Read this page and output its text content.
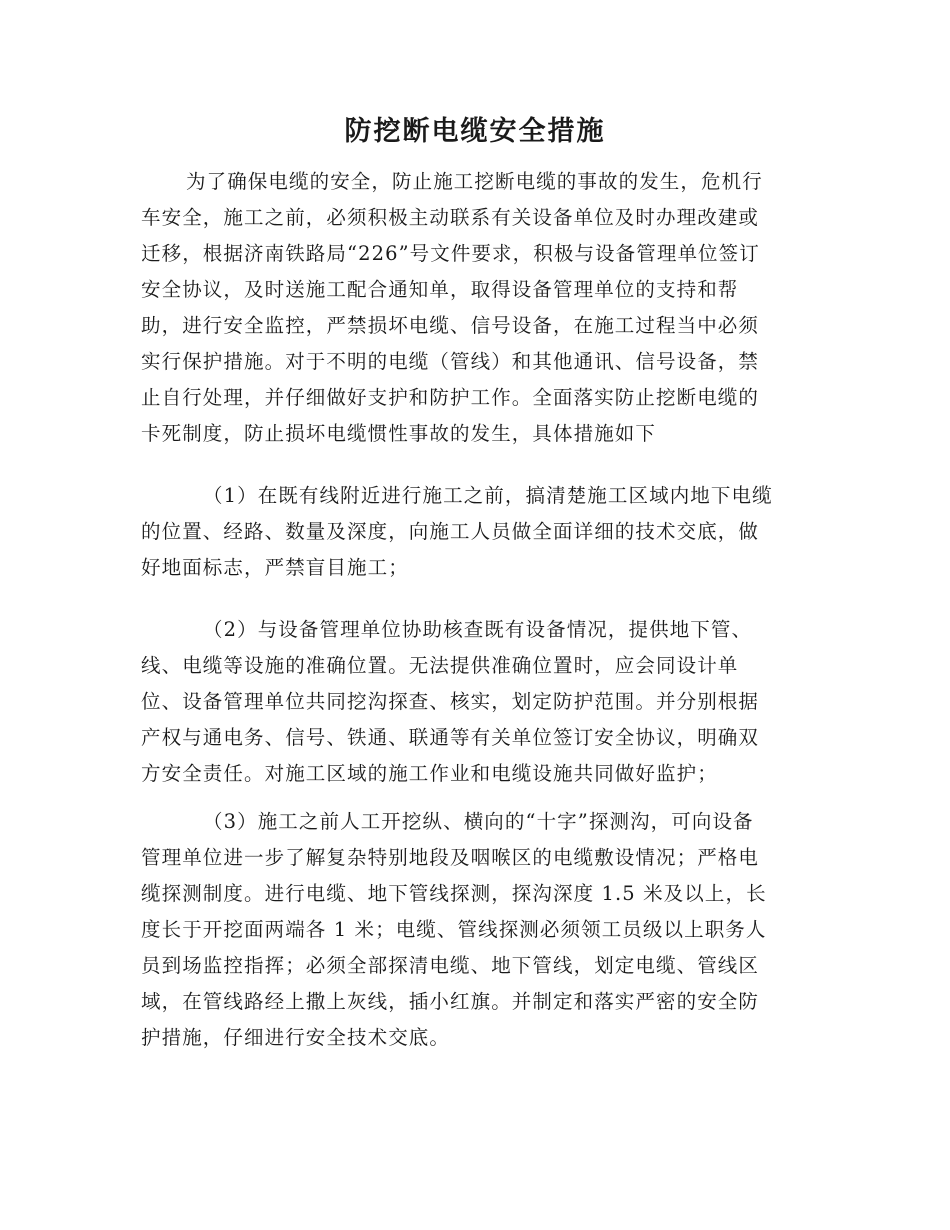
防挖断电缆安全措施
为了确保电缆的安全，防止施工挖断电缆的事故的发生，危机行
车安全，施工之前，必须积极主动联系有关设备单位及时办理改建或
迁移，根据济南铁路局“226”号文件要求，积极与设备管理单位签订
安全协议，及时送施工配合通知单，取得设备管理单位的支持和帮
助，进行安全监控，严禁损坏电缆、信号设备，在施工过程当中必须
实行保护措施。对于不明的电缆（管线）和其他通讯、信号设备，禁
止自行处理，并仔细做好支护和防护工作。全面落实防止挖断电缆的
卡死制度，防止损坏电缆惯性事故的发生，具体措施如下
（1）在既有线附近进行施工之前，搞清楚施工区域内地下电缆
的位置、经路、数量及深度，向施工人员做全面详细的技术交底，做
好地面标志，严禁盲目施工；
（2）与设备管理单位协助核查既有设备情况，提供地下管、
线、电缆等设施的准确位置。无法提供准确位置时，应会同设计单
位、设备管理单位共同挖沟探查、核实，划定防护范围。并分别根据
产权与通电务、信号、铁通、联通等有关单位签订安全协议，明确双
方安全责任。对施工区域的施工作业和电缆设施共同做好监护；
（3）施工之前人工开挖纵、横向的“十字”探测沟，可向设备
管理单位进一步了解复杂特别地段及咽喉区的电缆敷设情况；严格电
缆探测制度。进行电缆、地下管线探测，探沟深度 1.5 米及以上，长
度长于开挖面两端各 1 米；电缆、管线探测必须领工员级以上职务人
员到场监控指挥；必须全部探清电缆、地下管线，划定电缆、管线区
域，在管线路经上撒上灰线，插小红旗。并制定和落实严密的安全防
护措施，仔细进行安全技术交底。
